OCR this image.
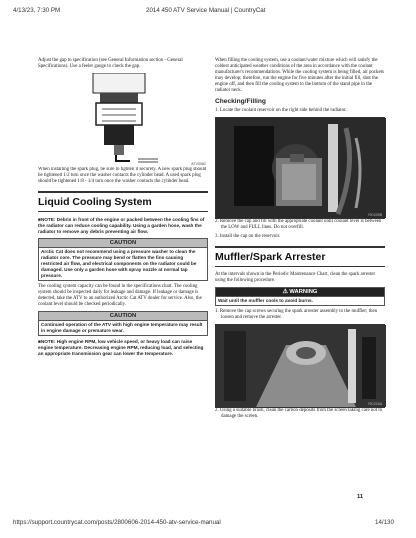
4/13/23, 7:30 PM	2014 450 ATV Service Manual | CountryCat

Adjust the gap to specification (see General Information section - General Specifications). Use a feeler gauge to check the gap.

ATV0082

When installing the spark plug, be sure to tighten it securely. A new spark plug should be tightened 1/2 turn once the washer contacts the cylinder head. A used spark plug should be tightened 1/8 - 1/4 turn once the washer contacts the cylinder head.

Liquid Cooling System

■NOTE: Debris in front of the engine or packed between the cooling fins of the radiator can reduce cooling capability. Using a garden hose, wash the radiator to remove any debris preventing air flow.

CAUTION
Arctic Cat does not recommend using a pressure washer to clean the radiator core. The pressure may bend or flatten the fins causing restricted air flow, and electrical components on the radiator could be damaged. Use only a garden hose with spray nozzle at normal tap pressure.

The cooling system capacity can be found in the specifications chart. The cooling system should be inspected daily for leakage and damage. If leakage or damage is detected, take the ATV to an authorized Arctic Cat ATV dealer for service. Also, the coolant level should be checked periodically.

CAUTION
Continued operation of the ATV with high engine temperature may result in engine damage or premature wear.

■NOTE: High engine RPM, low vehicle speed, or heavy load can raise engine temperature. Decreasing engine RPM, reducing load, and selecting an appropriate transmission gear can lower the temperature.

When filling the cooling system, use a coolant/water mixture which will satisfy the coldest anticipated weather conditions of the area in accordance with the coolant manufacturer's recommendations. While the cooling system is being filled, air pockets may develop; therefore, run the engine for five minutes after the initial fill, shut the engine off, and then fill the cooling system to the bottom of the stand pipe in the radiator neck.

Checking/Filling

1. Locate the coolant reservoir on the right side behind the radiator.

RC039B

2. Remove the cap and fill with the appropriate coolant until coolant level is between the LOW and FULL lines. Do not overfill.

3. Install the cap on the reservoir.

Muffler/Spark Arrester

At the intervals shown in the Periodic Maintenance Chart, clean the spark arrester using the following procedure.

⚠ WARNING
Wait until the muffler cools to avoid burns.

1. Remove the cap screws securing the spark arrester assembly to the muffler; then loosen and remove the arrester.

RC224A

2. Using a suitable brush, clean the carbon deposits from the screen taking care not to damage the screen.

11
https://support.countrycat.com/posts/2800606-2014-450-atv-service-manual	14/130
